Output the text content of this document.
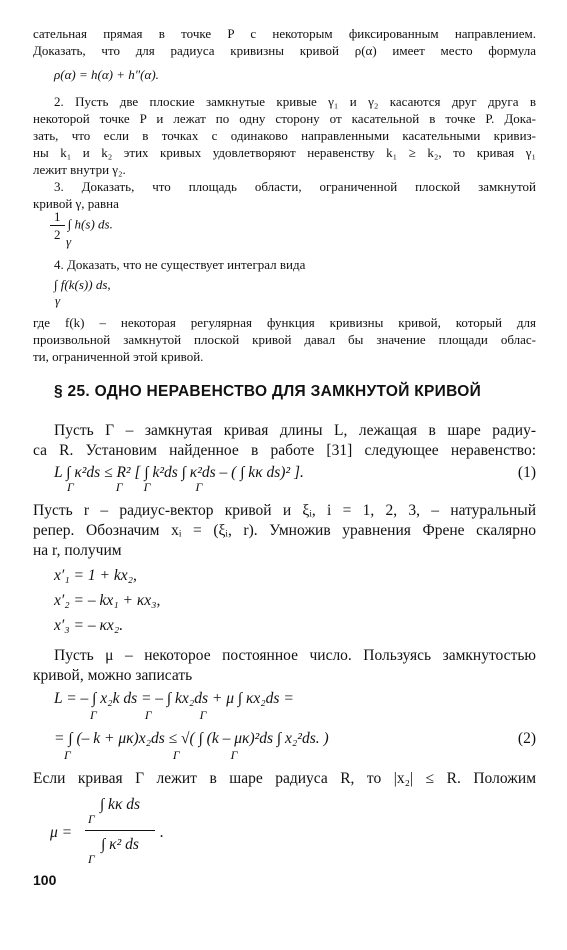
сательная прямая в точке P с некоторым фиксированным направлением.
Доказать, что для радиуса кривизны кривой ρ(α) имеет место формула
ρ(α) = h(α) + h″(α).
2. Пусть две плоские замкнутые кривые γ₁ и γ₂ касаются друг друга в
некоторой точке P и лежат по одну сторону от касательной в точке P. Дока-
зать, что если в точках с одинаково направленными касательными кривиз-
ны k₁ и k₂ этих кривых удовлетворяют неравенству k₁ ≥ k₂, то кривая γ₁
лежит внутри γ₂.
3. Доказать, что площадь области, ограниченной плоской замкнутой
кривой γ, равна
$\frac{1}{2}$ ∫ h(s) ds.
γ
4. Доказать, что не существует интеграл вида
∫ f(k(s)) ds,
γ
где f(k) – некоторая регулярная функция кривизны кривой, который для
произвольной замкнутой плоской кривой давал бы значение площади облас-
ти, ограниченной этой кривой.
§ 25. ОДНО НЕРАВЕНСТВО ДЛЯ ЗАМКНУТОЙ КРИВОЙ
Пусть Γ – замкнутая кривая длины L, лежащая в шаре радиу-
са R. Установим найденное в работе [31] следующее неравенство:
L ∫ κ²ds ≤ R² [ ∫ k²ds ∫ κ²ds – ( ∫ kκ ds)² ].	(1)
Γ              Γ       Γ               Γ
Пусть r – радиус-вектор кривой и ξᵢ, i = 1, 2, 3, – натуральный
репер. Обозначим xᵢ = (ξᵢ, r). Умножив уравнения Френе скалярно
на r, получим
x′₁ = 1 + kx₂,
x′₂ = – kx₁ + κx₃,
x′₃ = – κx₂.
Пусть μ – некоторое постоянное число. Пользуясь замкнутостью
кривой, можно записать
L = – ∫ x₂k ds = – ∫ kx₂ds + μ ∫ κx₂ds =
Γ                Γ                Γ
= ∫ (– k + μκ)x₂ds ≤ √( ∫ (k – μκ)²ds ∫ x₂²ds. )	(2)
Γ                                  Γ                 Γ
Если кривая Γ лежит в шаре радиуса R, то |x₂| ≤ R. Положим
μ =
∫ kκ ds
Γ
∫ κ² ds
Γ
.
100
